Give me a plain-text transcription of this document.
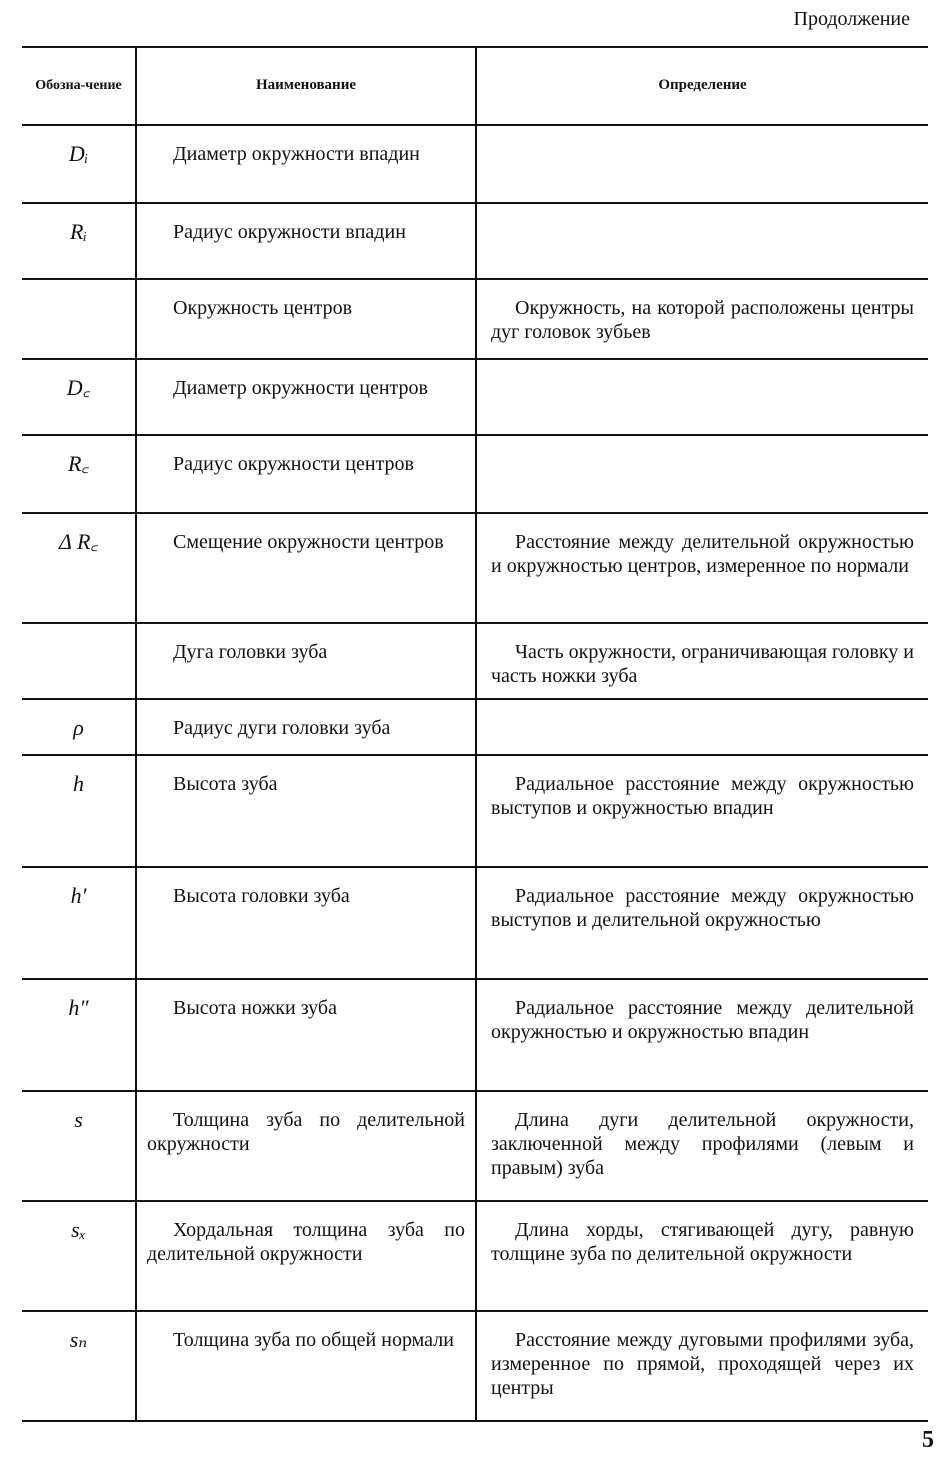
Продолжение
Обозна-чение	Наименование	Определение
Dᵢ	Диаметр окружности впадин	
Rᵢ	Радиус окружности впадин	
	Окружность центров	Окружность, на которой расположены центры дуг головок зубьев
D꜀	Диаметр окружности центров	
R꜀	Радиус окружности центров	
Δ R꜀	Смещение окружности центров	Расстояние между делительной окружностью и окружностью центров, измеренное по нормали
	Дуга головки зуба	Часть окружности, ограничивающая головку и часть ножки зуба
ρ	Радиус дуги головки зуба	
h	Высота зуба	Радиальное расстояние между окружностью выступов и окружностью впадин
h′	Высота головки зуба	Радиальное расстояние между окружностью выступов и делительной окружностью
h″	Высота ножки зуба	Радиальное расстояние между делительной окружностью и окружностью впадин
s	Толщина зуба по делительной окружности	Длина дуги делительной окружности, заключенной между профилями (левым и правым) зуба
sₓ	Хордальная толщина зуба по делительной окружности	Длина хорды, стягивающей дугу, равную толщине зуба по делительной окружности
sₙ	Толщина зуба по общей нормали	Расстояние между дуговыми профилями зуба, измеренное по прямой, проходящей через их центры
5
